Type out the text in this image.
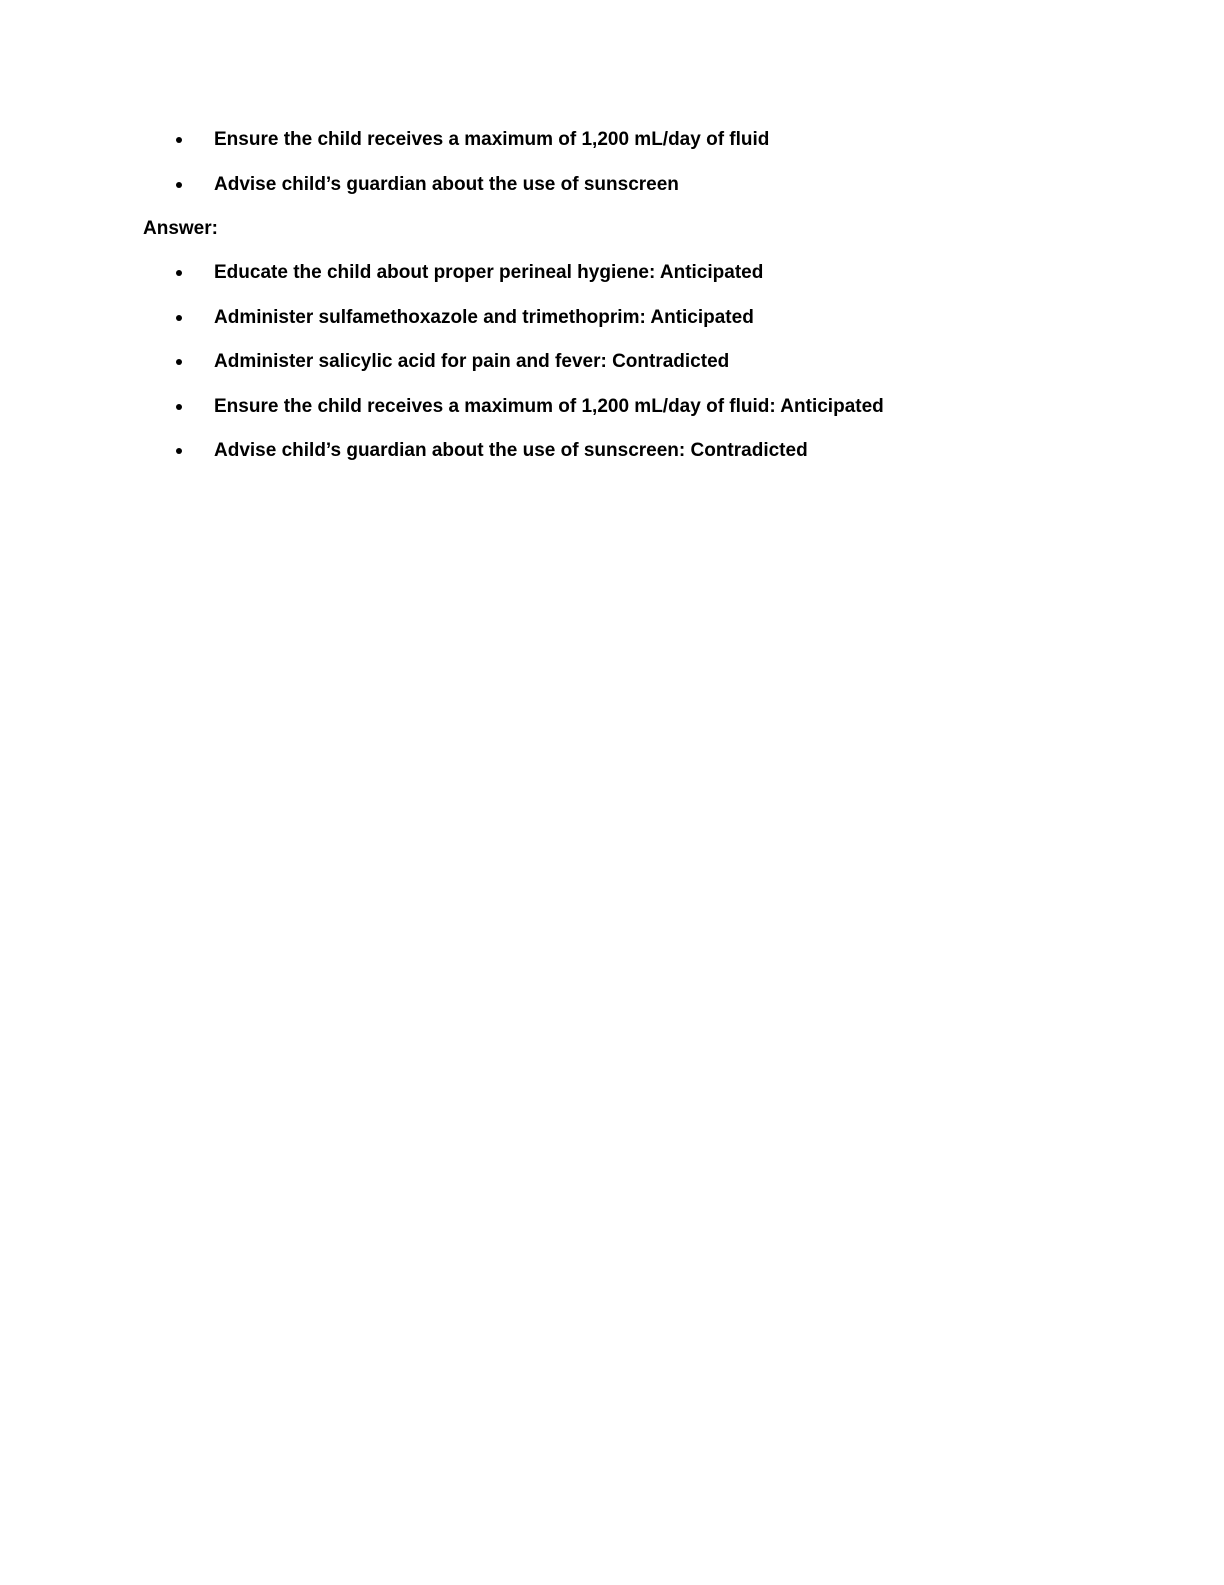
Ensure the child receives a maximum of 1,200 mL/day of fluid
Advise child’s guardian about the use of sunscreen

Answer:

Educate the child about proper perineal hygiene: Anticipated
Administer sulfamethoxazole and trimethoprim: Anticipated
Administer salicylic acid for pain and fever: Contradicted
Ensure the child receives a maximum of 1,200 mL/day of fluid: Anticipated
Advise child’s guardian about the use of sunscreen: Contradicted
